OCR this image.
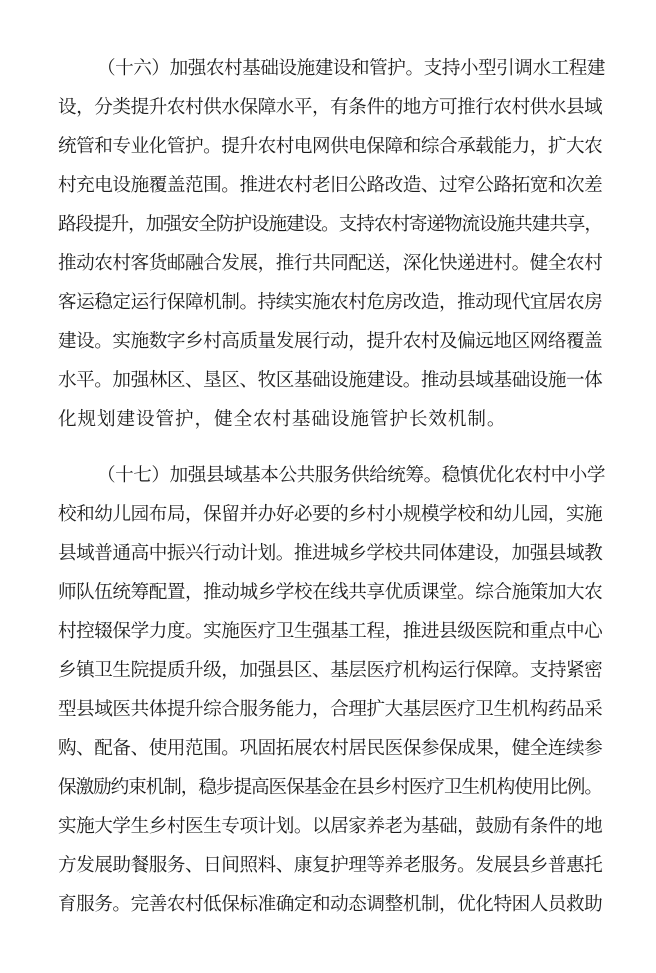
（十六）加强农村基础设施建设和管护。支持小型引调水工程建
设，分类提升农村供水保障水平，有条件的地方可推行农村供水县域
统管和专业化管护。提升农村电网供电保障和综合承载能力，扩大农
村充电设施覆盖范围。推进农村老旧公路改造、过窄公路拓宽和次差
路段提升，加强安全防护设施建设。支持农村寄递物流设施共建共享，
推动农村客货邮融合发展，推行共同配送，深化快递进村。健全农村
客运稳定运行保障机制。持续实施农村危房改造，推动现代宜居农房
建设。实施数字乡村高质量发展行动，提升农村及偏远地区网络覆盖
水平。加强林区、垦区、牧区基础设施建设。推动县域基础设施一体
化规划建设管护，健全农村基础设施管护长效机制。
（十七）加强县域基本公共服务供给统筹。稳慎优化农村中小学
校和幼儿园布局，保留并办好必要的乡村小规模学校和幼儿园，实施
县域普通高中振兴行动计划。推进城乡学校共同体建设，加强县域教
师队伍统筹配置，推动城乡学校在线共享优质课堂。综合施策加大农
村控辍保学力度。实施医疗卫生强基工程，推进县级医院和重点中心
乡镇卫生院提质升级，加强县区、基层医疗机构运行保障。支持紧密
型县域医共体提升综合服务能力，合理扩大基层医疗卫生机构药品采
购、配备、使用范围。巩固拓展农村居民医保参保成果，健全连续参
保激励约束机制，稳步提高医保基金在县乡村医疗卫生机构使用比例。
实施大学生乡村医生专项计划。以居家养老为基础，鼓励有条件的地
方发展助餐服务、日间照料、康复护理等养老服务。发展县乡普惠托
育服务。完善农村低保标准确定和动态调整机制，优化特困人员救助
